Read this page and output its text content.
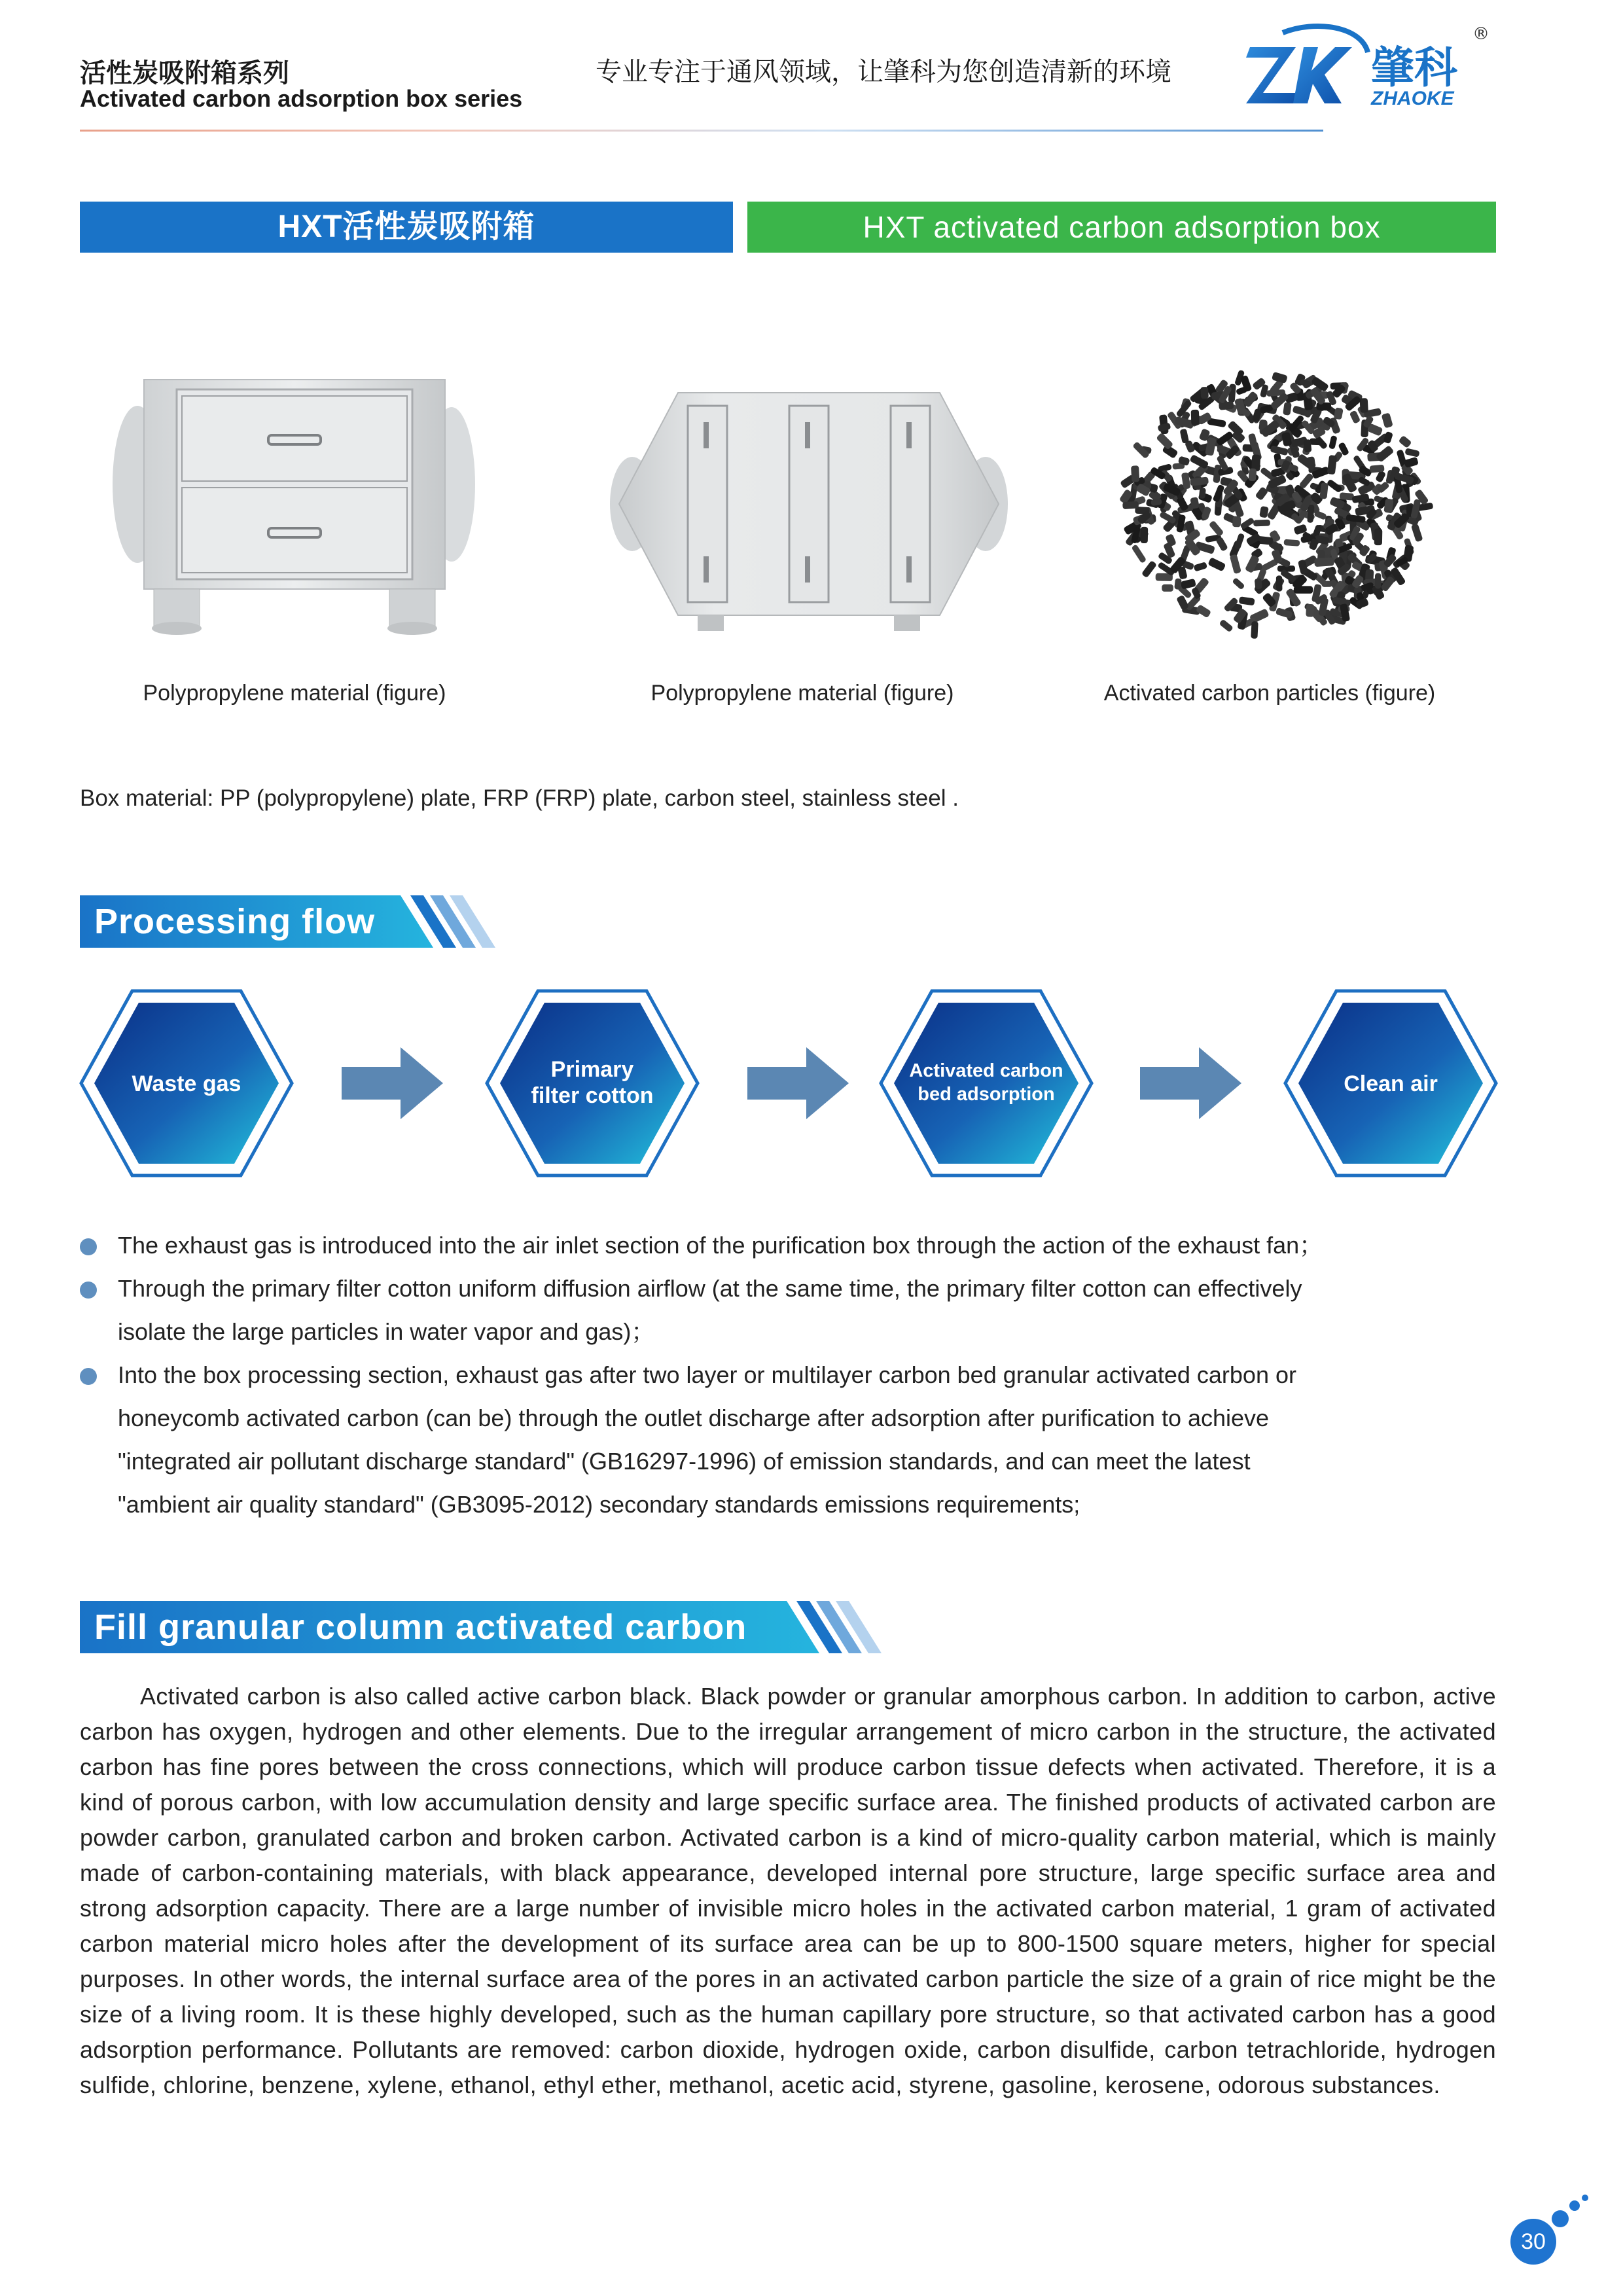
活性炭吸附箱系列
Activated carbon adsorption box series
专业专注于通风领域，让肇科为您创造清新的环境	肇科
ZHAOKE
®
HXT活性炭吸附箱	HXT activated carbon adsorption box
Polypropylene material (figure)	Polypropylene material (figure)	Activated carbon particles (figure)
Box material: PP (polypropylene) plate, FRP (FRP) plate, carbon steel, stainless steel .
Processing flow
Waste gas
Primary
filter cotton
Activated carbon
bed adsorption	Clean air
The exhaust gas is introduced into the air inlet section of the purification box through the action of the exhaust fan；
Through the primary filter cotton uniform diffusion airflow (at the same time, the primary filter cotton can effectively
isolate the large particles in water vapor and gas)；
Into the box processing section, exhaust gas after two layer or multilayer carbon bed granular activated carbon or
honeycomb activated carbon (can be) through the outlet discharge after adsorption after purification to achieve
"integrated air pollutant discharge standard" (GB16297-1996) of emission standards, and can meet the latest
"ambient air quality standard" (GB3095-2012) secondary standards emissions requirements;
Fill granular column activated carbon
Activated carbon is also called active carbon black. Black powder or granular amorphous carbon. In addition to carbon, active carbon has oxygen, hydrogen and other elements. Due to the irregular arrangement of micro carbon in the structure, the activated carbon has fine pores between the cross connections, which will produce carbon tissue defects when activated. Therefore, it is a kind of porous carbon, with low accumulation density and large specific surface area. The finished products of activated carbon are powder carbon, granulated carbon and broken carbon. Activated carbon is a kind of micro-quality carbon material, which is mainly made of carbon-containing materials, with black appearance, developed internal pore structure, large specific surface area and strong adsorption capacity. There are a large number of invisible micro holes in the activated carbon material, 1 gram of activated carbon material micro holes after the development of its surface area can be up to 800-1500 square meters, higher for special purposes. In other words, the internal surface area of the pores in an activated carbon particle the size of a grain of rice might be the size of a living room. It is these highly developed, such as the human capillary pore structure, so that activated carbon has a good adsorption performance. Pollutants are removed: carbon dioxide, hydrogen oxide, carbon disulfide, carbon tetrachloride, hydrogen sulfide, chlorine, benzene, xylene, ethanol, ethyl ether, methanol, acetic acid, styrene, gasoline, kerosene, odorous substances.
30
